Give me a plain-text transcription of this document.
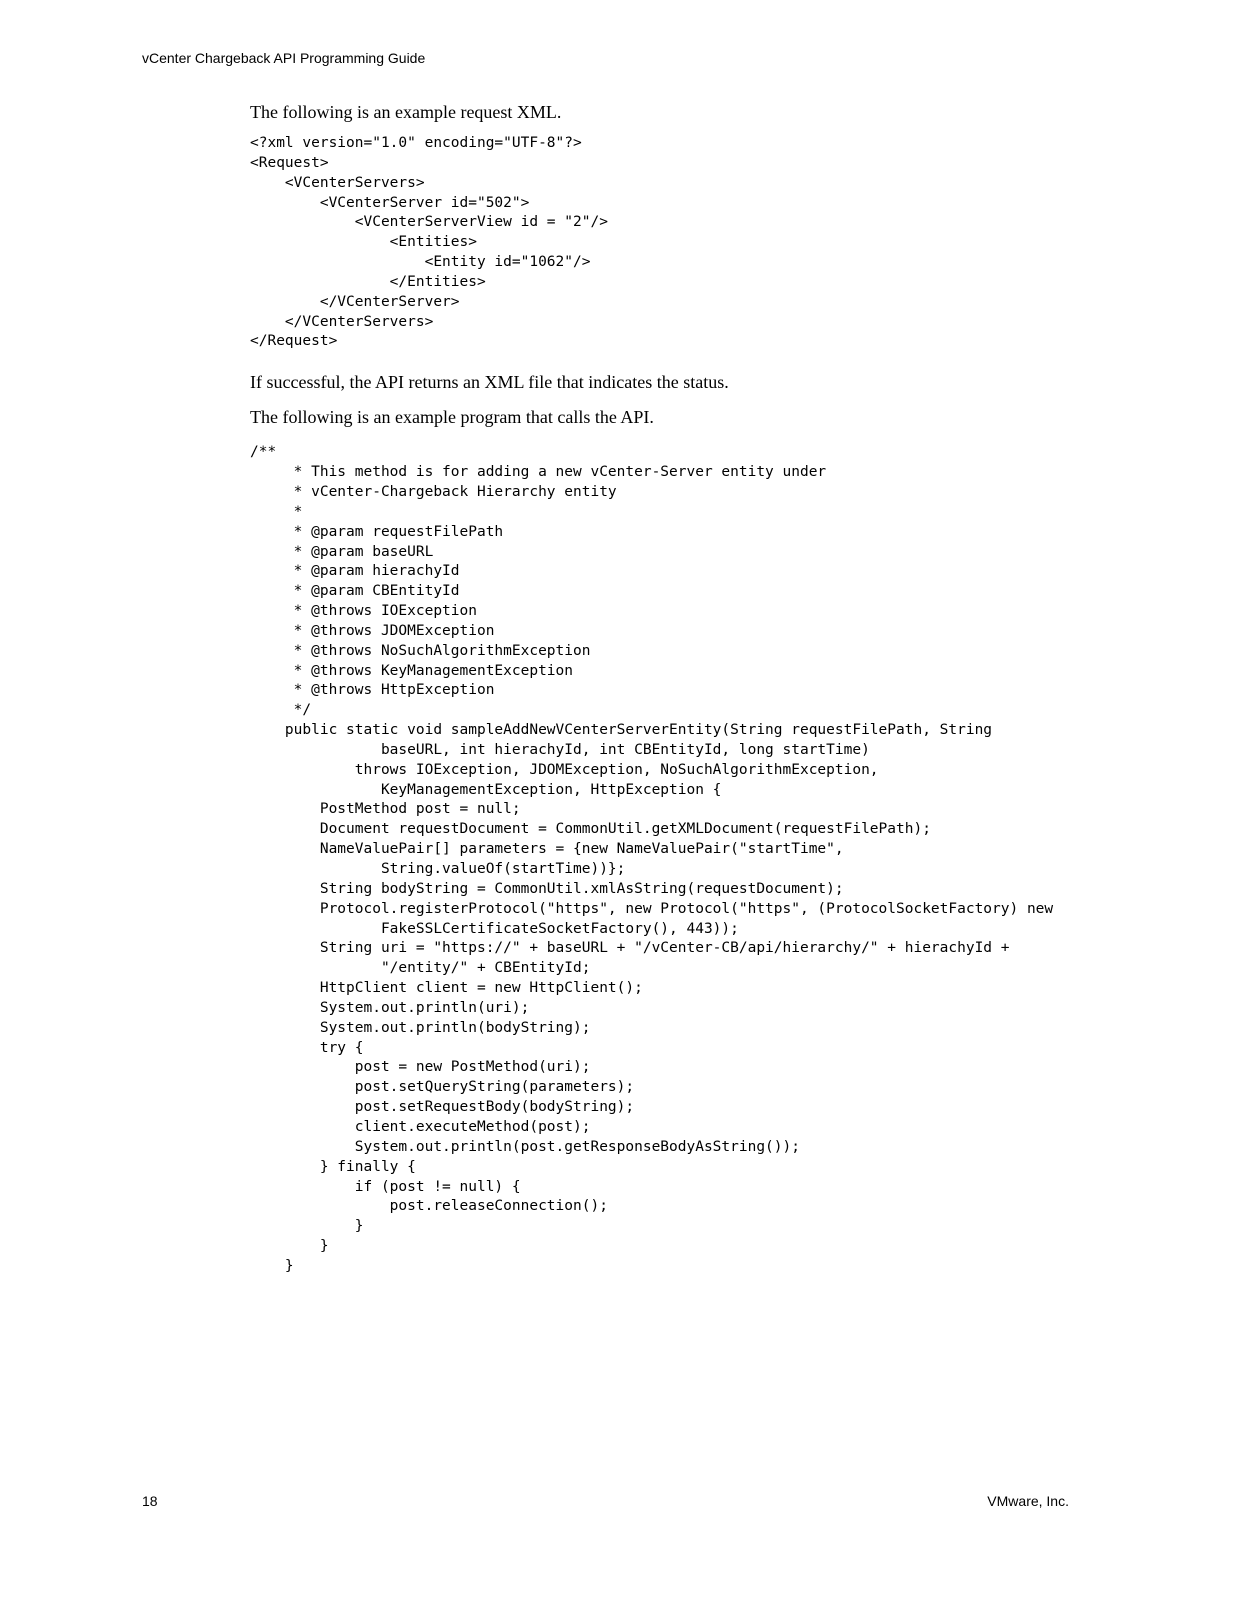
vCenter Chargeback API Programming Guide

The following is an example request XML.

<?xml version="1.0" encoding="UTF-8"?>
<Request>
<VCenterServers>
<VCenterServer id="502">
<VCenterServerView id = "2"/>
<Entities>
<Entity id="1062"/>
</Entities>
</VCenterServer>
</VCenterServers>
</Request>

If successful, the API returns an XML file that indicates the status.

The following is an example program that calls the API.

/**
* This method is for adding a new vCenter-Server entity under
* vCenter-Chargeback Hierarchy entity
*
* @param requestFilePath
* @param baseURL
* @param hierachyId
* @param CBEntityId
* @throws IOException
* @throws JDOMException
* @throws NoSuchAlgorithmException
* @throws KeyManagementException
* @throws HttpException
*/
public static void sampleAddNewVCenterServerEntity(String requestFilePath, String
baseURL, int hierachyId, int CBEntityId, long startTime)
throws IOException, JDOMException, NoSuchAlgorithmException,
KeyManagementException, HttpException {
PostMethod post = null;
Document requestDocument = CommonUtil.getXMLDocument(requestFilePath);
NameValuePair[] parameters = {new NameValuePair("startTime",
String.valueOf(startTime))};
String bodyString = CommonUtil.xmlAsString(requestDocument);
Protocol.registerProtocol("https", new Protocol("https", (ProtocolSocketFactory) new
FakeSSLCertificateSocketFactory(), 443));
String uri = "https://" + baseURL + "/vCenter-CB/api/hierarchy/" + hierachyId +
"/entity/" + CBEntityId;
HttpClient client = new HttpClient();
System.out.println(uri);
System.out.println(bodyString);
try {
post = new PostMethod(uri);
post.setQueryString(parameters);
post.setRequestBody(bodyString);
client.executeMethod(post);
System.out.println(post.getResponseBodyAsString());
} finally {
if (post != null) {
post.releaseConnection();
}
}
}
18	VMware, Inc.
